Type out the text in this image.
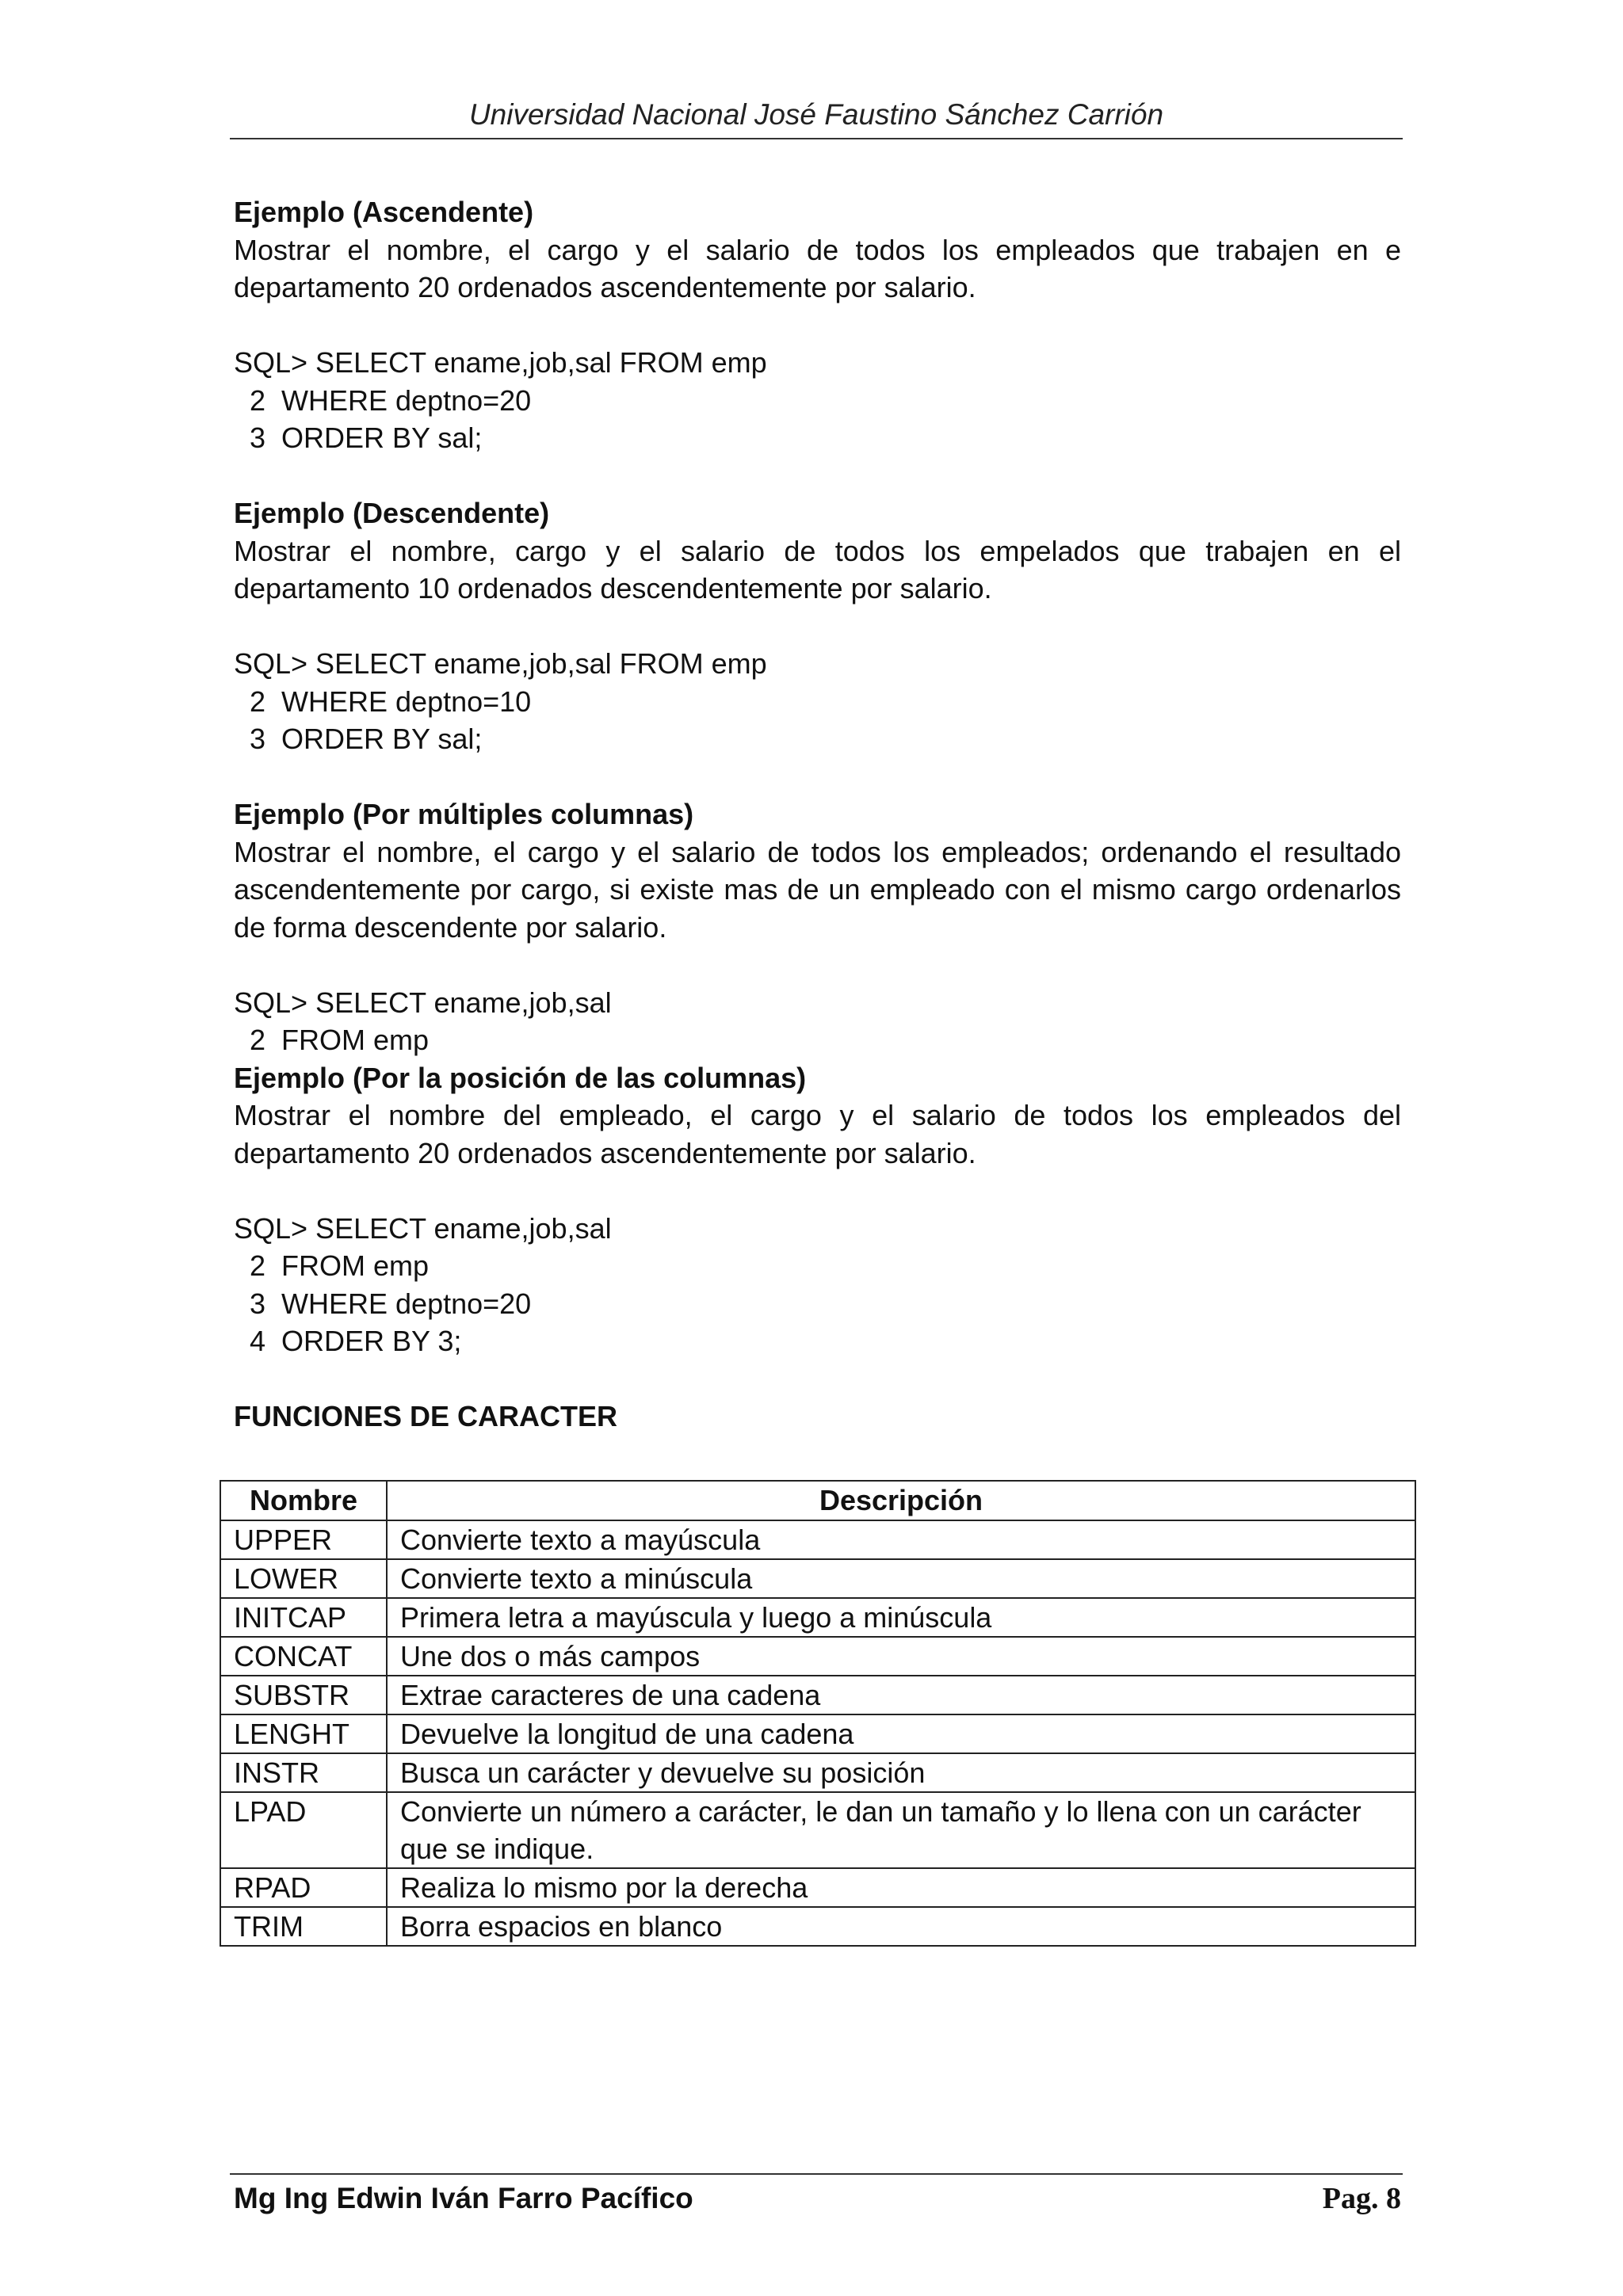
Universidad Nacional José Faustino Sánchez Carrión
Ejemplo (Ascendente)
Mostrar el nombre, el cargo y el salario de todos los empleados que trabajen en e departamento 20 ordenados ascendentemente por salario.
SQL> SELECT ename,job,sal FROM emp
2  WHERE deptno=20
3  ORDER BY sal;
Ejemplo (Descendente)
Mostrar el nombre, cargo y el salario de todos los empelados que trabajen en el departamento 10 ordenados descendentemente por salario.
SQL> SELECT ename,job,sal FROM emp
2  WHERE deptno=10
3  ORDER BY sal;
Ejemplo (Por múltiples columnas)
Mostrar el nombre, el cargo y el salario de todos los empleados; ordenando el resultado ascendentemente por cargo, si existe mas de un empleado con el mismo cargo ordenarlos de forma descendente por salario.
SQL> SELECT ename,job,sal
2  FROM emp
Ejemplo (Por la posición de las columnas)
Mostrar el nombre del empleado, el cargo y el salario de todos los empleados del departamento 20 ordenados ascendentemente por salario.
SQL> SELECT ename,job,sal
2  FROM emp
3  WHERE deptno=20
4  ORDER BY 3;
FUNCIONES DE CARACTER
Nombre	Descripción
UPPER	Convierte texto a mayúscula
LOWER	Convierte texto a minúscula
INITCAP	Primera letra a mayúscula y luego a minúscula
CONCAT	Une dos o más campos
SUBSTR	Extrae caracteres de una cadena
LENGHT	Devuelve la longitud de una cadena
INSTR	Busca un carácter y devuelve su posición
LPAD	Convierte un número a carácter, le dan un tamaño y lo llena con un carácter que se indique.
RPAD	Realiza lo mismo por la derecha
TRIM	Borra espacios en blanco
Mg Ing Edwin Iván Farro Pacífico	Pag. 8
